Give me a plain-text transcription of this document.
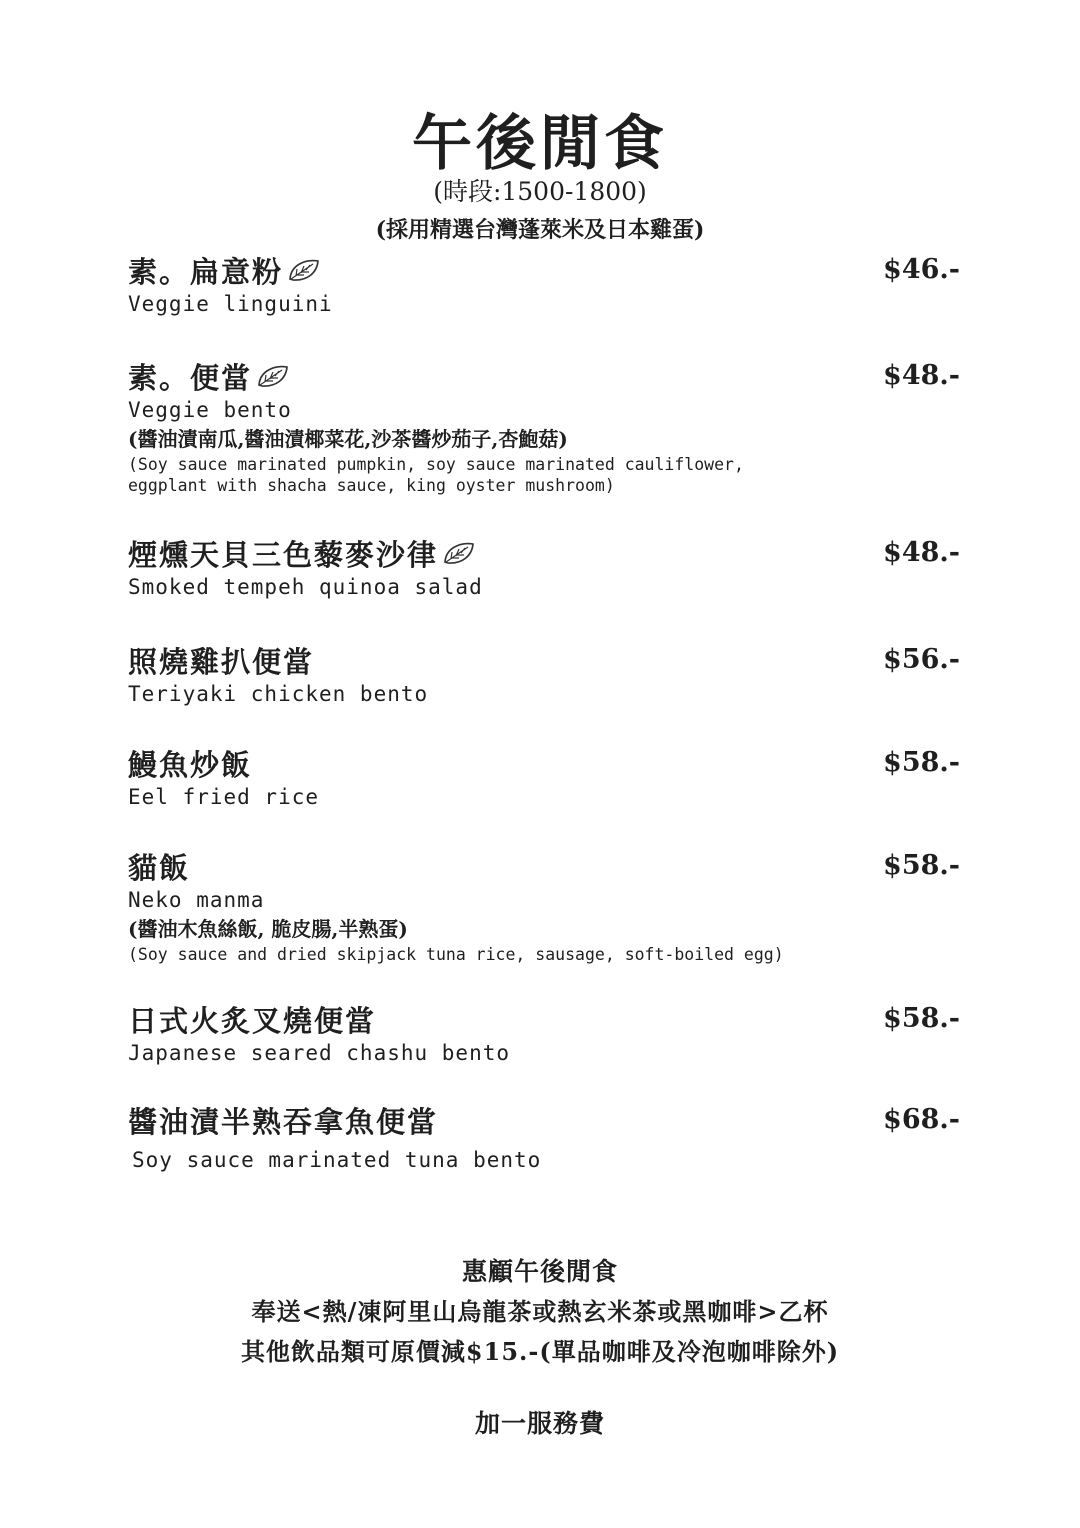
午後閒食
(時段:1500-1800)
(採用精選台灣蓬萊米及日本雞蛋)
素。扁意粉	$46.-
Veggie linguini
素。便當	$48.-
Veggie bento
(醬油漬南瓜,醬油漬椰菜花,沙茶醬炒茄子,杏鮑菇)
(Soy sauce marinated pumpkin, soy sauce marinated cauliflower,
eggplant with shacha sauce, king oyster mushroom)
煙燻天貝三色藜麥沙律	$48.-
Smoked tempeh quinoa salad
照燒雞扒便當	$56.-
Teriyaki chicken bento
鰻魚炒飯	$58.-
Eel fried rice
貓飯	$58.-
Neko manma
(醬油木魚絲飯, 脆皮腸,半熟蛋)
(Soy sauce and dried skipjack tuna rice, sausage, soft-boiled egg)
日式火炙叉燒便當	$58.-
Japanese seared chashu bento
醬油漬半熟吞拿魚便當	$68.-
Soy sauce marinated tuna bento
惠顧午後閒食
奉送<熱/凍阿里山烏龍茶或熱玄米茶或黑咖啡>乙杯
其他飲品類可原價減$15.-(單品咖啡及冷泡咖啡除外)
加一服務費
